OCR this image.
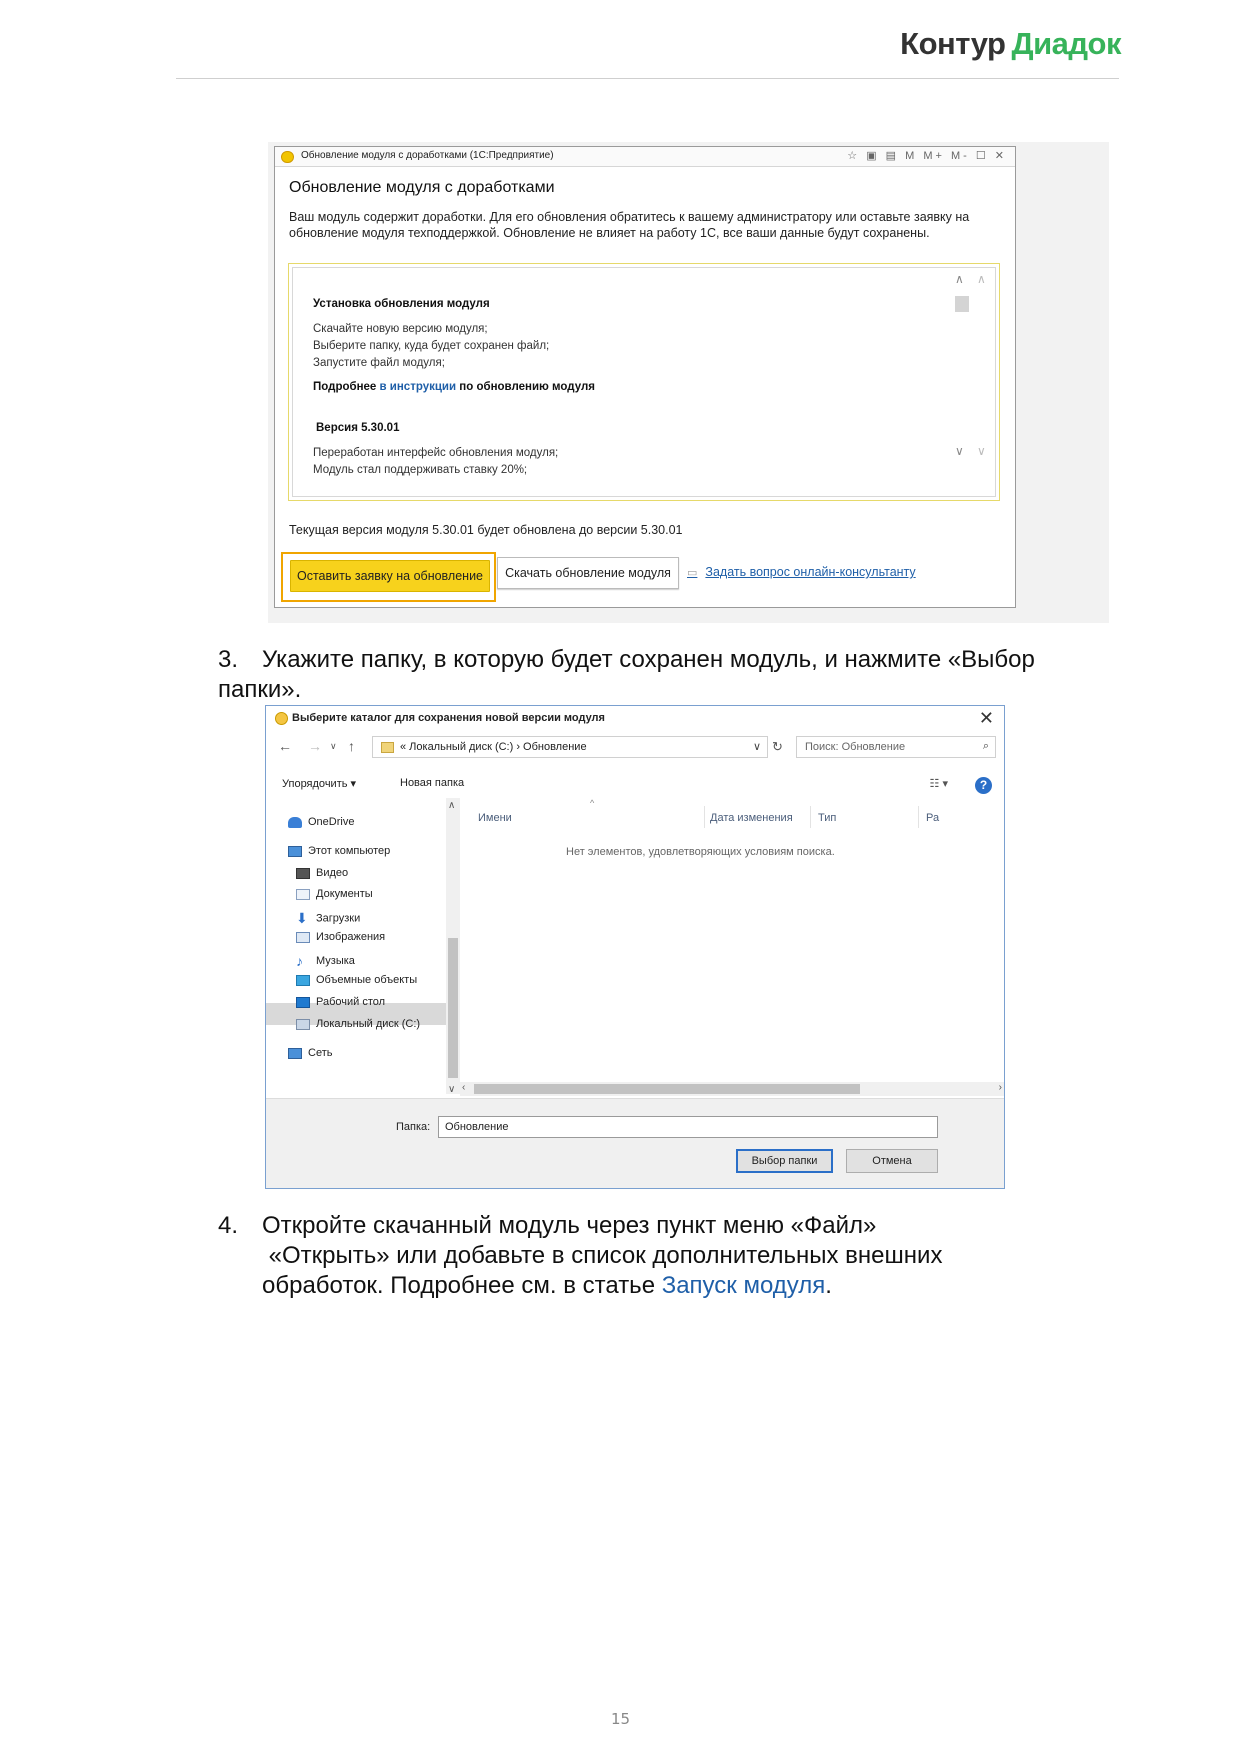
Контур Диадок
Обновление модуля с доработками (1С:Предприятие)	☆ ▣ ▤ M M+ M- ☐ ✕
Обновление модуля с доработками
Ваш модуль содержит доработки. Для его обновления обратитесь к вашему администратору или оставьте заявку на обновление модуля техподдержкой. Обновление не влияет на работу 1С, все ваши данные будут сохранены.
Установка обновления модуля
Скачайте новую версию модуля;
Выберите папку, куда будет сохранен файл;
Запустите файл модуля;
Подробнее в инструкции по обновлению модуля
Версия 5.30.01
Переработан интерфейс обновления модуля;
Модуль стал поддерживать ставку 20%;
∧ ∧
∨ ∨
Текущая версия модуля 5.30.01 будет обновлена до версии 5.30.01
Оставить заявку на обновление	Скачать обновление модуля	▭ Задать вопрос онлайн-консультанту
3. Укажите папку, в которую будет сохранен модуль, и нажмите «Выбор папки».
Выберите каталог для сохранения новой версии модуля	✕
← → ∨ ↑	« Локальный диск (C:) › Обновление	∨ ↻	Поиск: Обновление	⌕
Упорядочить ▾	Новая папка	☷ ▾	?
OneDrive
Этот компьютер
Видео
Документы
⬇ Загрузки
Изображения
♪ Музыка
Объемные объекты
Рабочий стол
Локальный диск (C:)
Сеть
∧
Имени
^
Дата изменения Тип	Ра
Нет элементов, удовлетворяющих условиям поиска.
‹	›
∨
Папка:	Обновление
Выбор папки	Отмена
4. Откройте скачанный модуль через пункт меню «Файл»
«Открыть» или добавьте в список дополнительных внешних
обработок. Подробнее см. в статье Запуск модуля.
15
